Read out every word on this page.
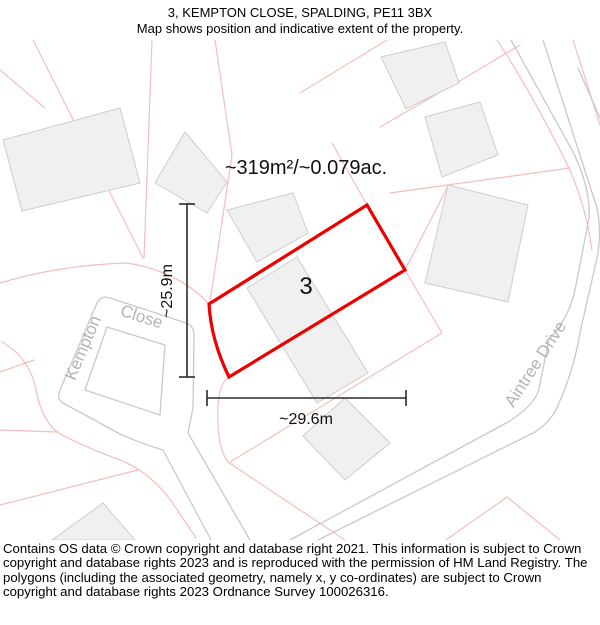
3, KEMPTON CLOSE, SPALDING, PE11 3BX
Map shows position and indicative extent of the property.
Kempton Close
Aintree Drive
3
~319m²/~0.079ac.
~25.9m
~29.6m
Contains OS data © Crown copyright and database right 2021. This information is subject to Crown copyright and database rights 2023 and is reproduced with the permission of HM Land Registry. The polygons (including the associated geometry, namely x, y co-ordinates) are subject to Crown copyright and database rights 2023 Ordnance Survey 100026316.
